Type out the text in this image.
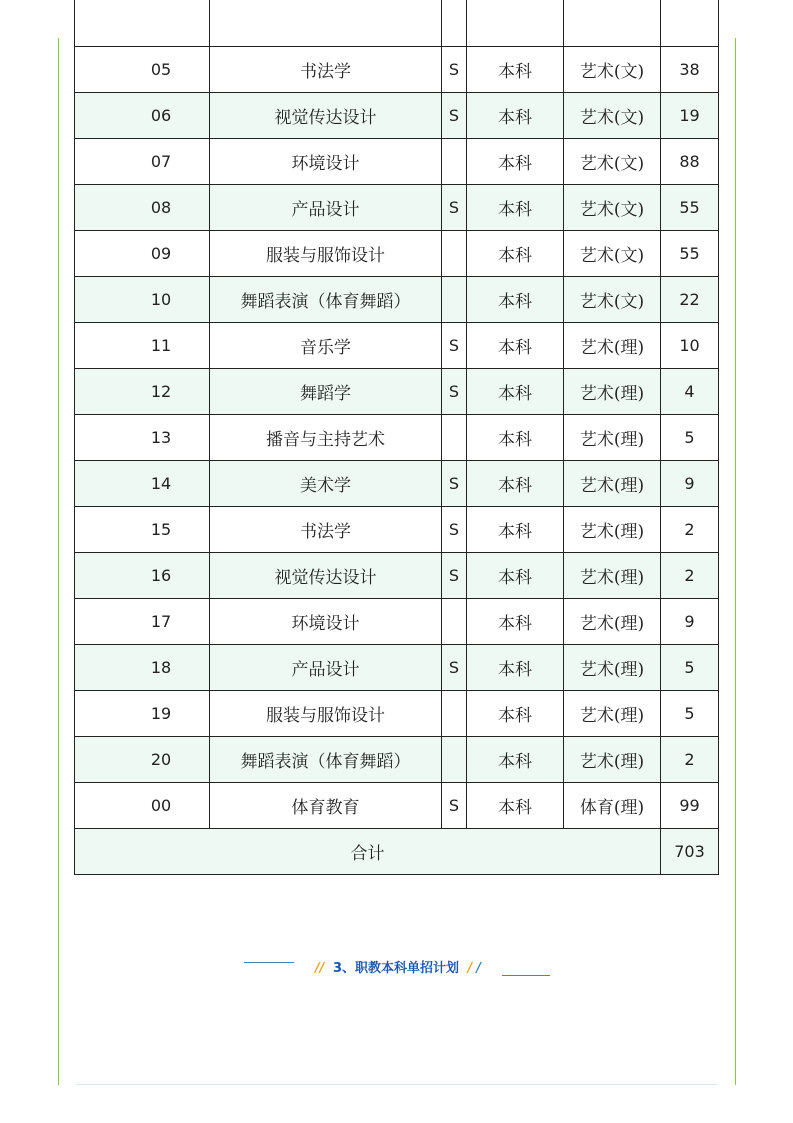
05	书法学	S	本科	艺术(文)	38
06	视觉传达设计	S	本科	艺术(文)	19
07	环境设计		本科	艺术(文)	88
08	产品设计	S	本科	艺术(文)	55
09	服装与服饰设计		本科	艺术(文)	55
10	舞蹈表演（体育舞蹈）		本科	艺术(文)	22
11	音乐学	S	本科	艺术(理)	10
12	舞蹈学	S	本科	艺术(理)	4
13	播音与主持艺术		本科	艺术(理)	5
14	美术学	S	本科	艺术(理)	9
15	书法学	S	本科	艺术(理)	2
16	视觉传达设计	S	本科	艺术(理)	2
17	环境设计		本科	艺术(理)	9
18	产品设计	S	本科	艺术(理)	5
19	服装与服饰设计		本科	艺术(理)	5
20	舞蹈表演（体育舞蹈）		本科	艺术(理)	2
00	体育教育	S	本科	体育(理)	99
合计					703
// 3、职教本科单招计划 / /
